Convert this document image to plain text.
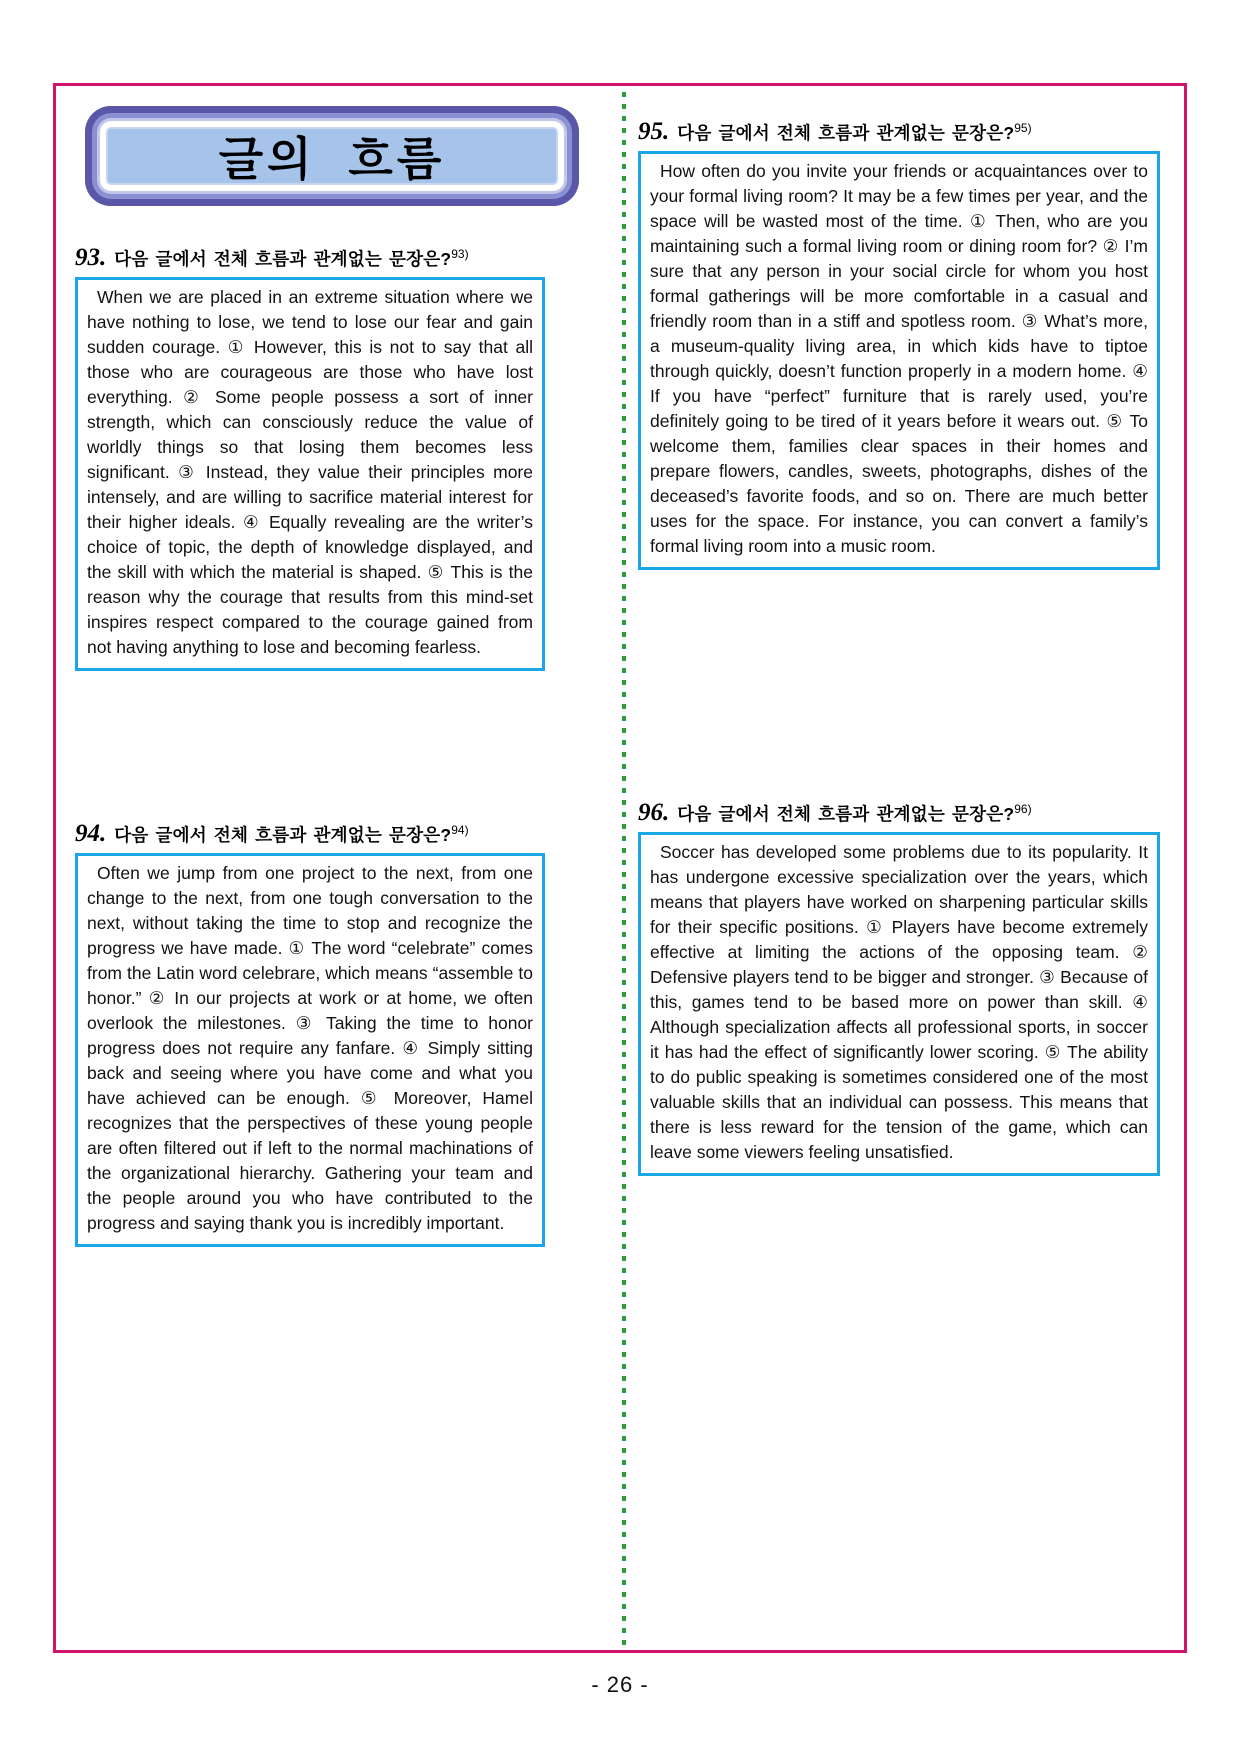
글의 흐름
93. 다음 글에서 전체 흐름과 관계없는 문장은?$^{93)}$

When we are placed in an extreme situation where we have nothing to lose, we tend to lose our fear and gain sudden courage. ① However, this is not to say that all those who are courageous are those who have lost everything. ② Some people possess a sort of inner strength, which can consciously reduce the value of worldly things so that losing them becomes less significant. ③ Instead, they value their principles more intensely, and are willing to sacrifice material interest for their higher ideals. ④ Equally revealing are the writer’s choice of topic, the depth of knowledge displayed, and the skill with which the material is shaped. ⑤ This is the reason why the courage that results from this mind-set inspires respect compared to the courage gained from not having anything to lose and becoming fearless.

94. 다음 글에서 전체 흐름과 관계없는 문장은?$^{94)}$

Often we jump from one project to the next, from one change to the next, from one tough conversation to the next, without taking the time to stop and recognize the progress we have made. ① The word “celebrate” comes from the Latin word celebrare, which means “assemble to honor.” ② In our projects at work or at home, we often overlook the milestones. ③ Taking the time to honor progress does not require any fanfare. ④ Simply sitting back and seeing where you have come and what you have achieved can be enough. ⑤ Moreover, Hamel recognizes that the perspectives of these young people are often filtered out if left to the normal machinations of the organizational hierarchy. Gathering your team and the people around you who have contributed to the progress and saying thank you is incredibly important.

95. 다음 글에서 전체 흐름과 관계없는 문장은?$^{95)}$

How often do you invite your friends or acquaintances over to your formal living room? It may be a few times per year, and the space will be wasted most of the time. ① Then, who are you maintaining such a formal living room or dining room for? ② I’m sure that any person in your social circle for whom you host formal gatherings will be more comfortable in a casual and friendly room than in a stiff and spotless room. ③ What’s more, a museum-quality living area, in which kids have to tiptoe through quickly, doesn’t function properly in a modern home. ④ If you have “perfect” furniture that is rarely used, you’re definitely going to be tired of it years before it wears out. ⑤ To welcome them, families clear spaces in their homes and prepare flowers, candles, sweets, photographs, dishes of the deceased’s favorite foods, and so on. There are much better uses for the space. For instance, you can convert a family’s formal living room into a music room.

96. 다음 글에서 전체 흐름과 관계없는 문장은?$^{96)}$

Soccer has developed some problems due to its popularity. It has undergone excessive specialization over the years, which means that players have worked on sharpening particular skills for their specific positions. ① Players have become extremely effective at limiting the actions of the opposing team. ② Defensive players tend to be bigger and stronger. ③ Because of this, games tend to be based more on power than skill. ④ Although specialization affects all professional sports, in soccer it has had the effect of significantly lower scoring. ⑤ The ability to do public speaking is sometimes considered one of the most valuable skills that an individual can possess. This means that there is less reward for the tension of the game, which can leave some viewers feeling unsatisfied.

- 26 -
